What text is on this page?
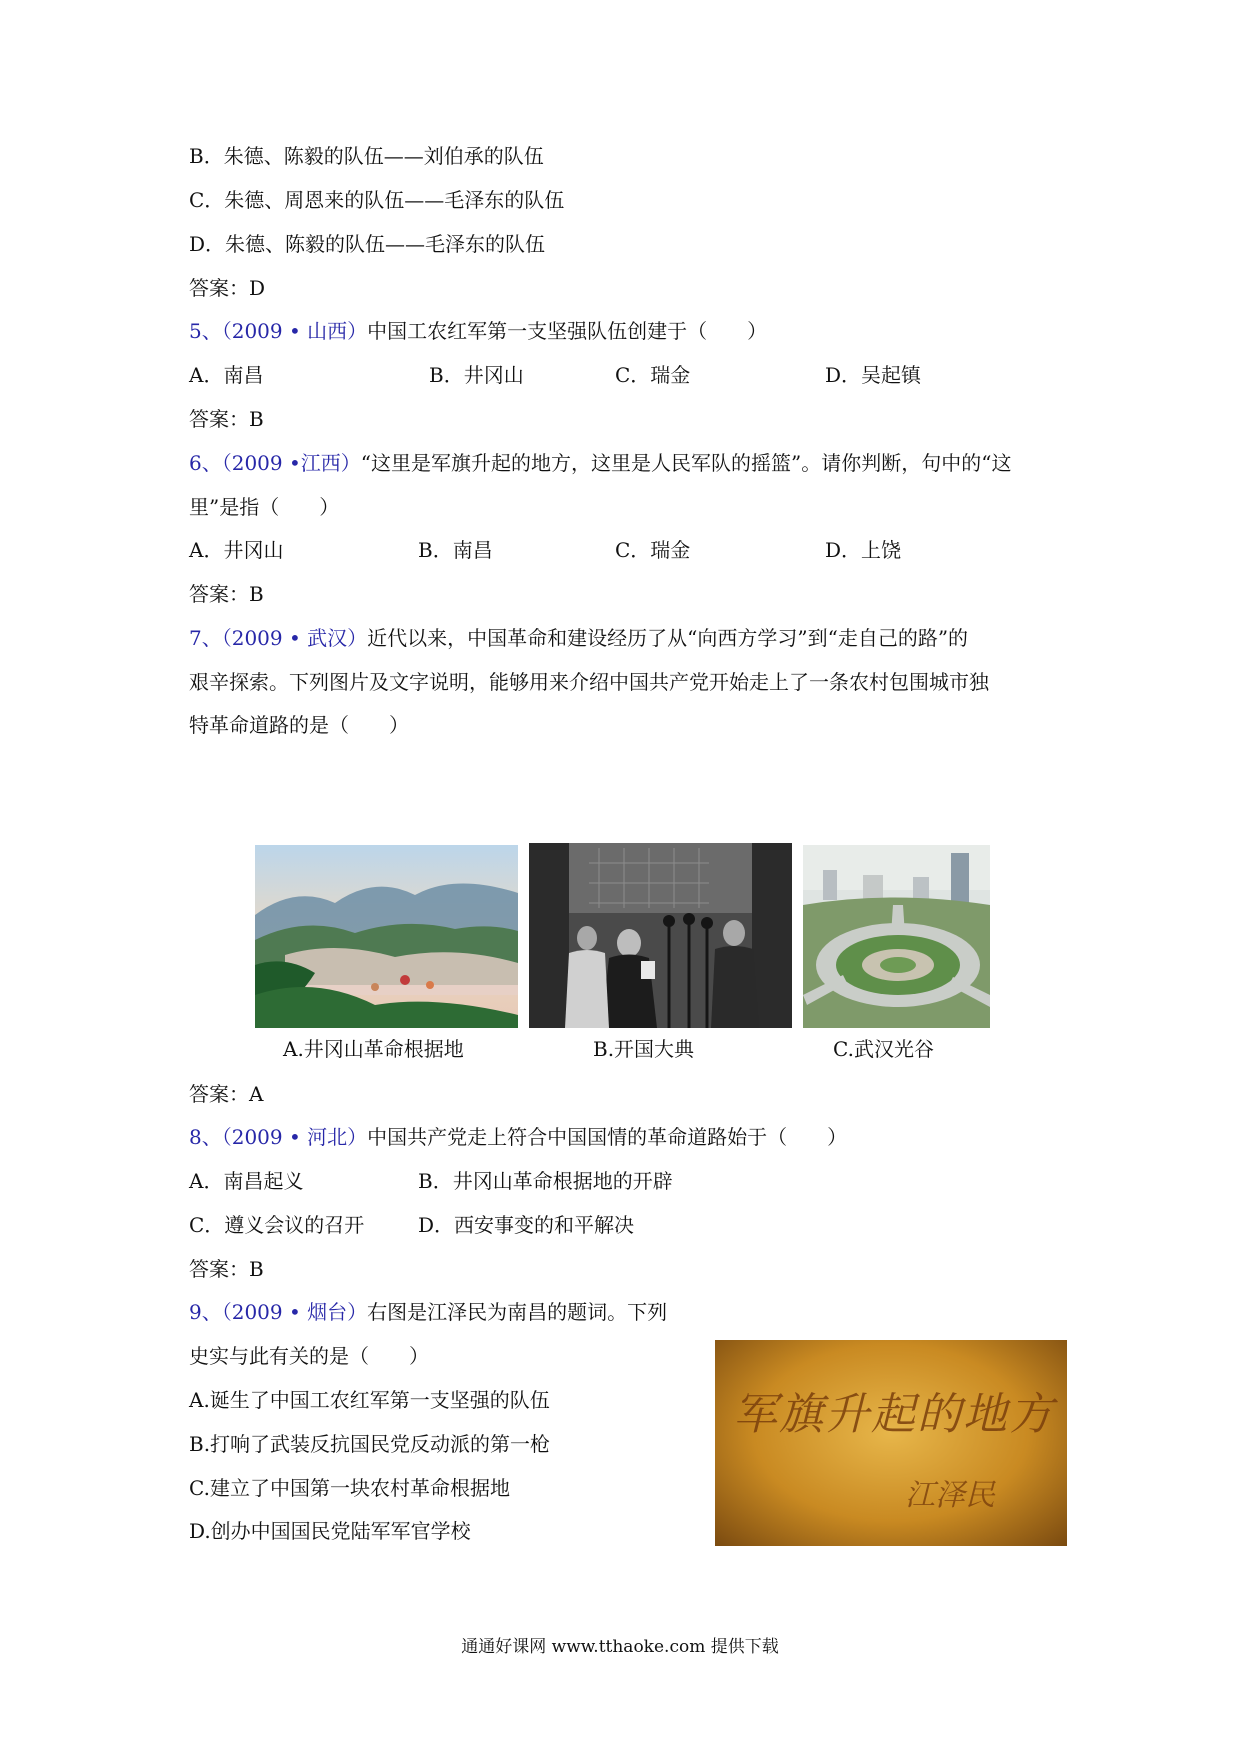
B．朱德、陈毅的队伍——刘伯承的队伍
C．朱德、周恩来的队伍——毛泽东的队伍
D．朱德、陈毅的队伍——毛泽东的队伍
答案：D
5、（2009 • 山西）中国工农红军第一支坚强队伍创建于（　　）
A．南昌	B．井冈山	C．瑞金	D．吴起镇
答案：B
6、（2009 •江西）“这里是军旗升起的地方，这里是人民军队的摇篮”。请你判断，句中的“这
里”是指（　　）
A．井冈山	B．南昌	C．瑞金	D．上饶
答案：B
7、（2009 • 武汉）近代以来，中国革命和建设经历了从“向西方学习”到“走自己的路”的
艰辛探索。下列图片及文字说明，能够用来介绍中国共产党开始走上了一条农村包围城市独
特革命道路的是（　　）
A.井冈山革命根据地	B.开国大典	C.武汉光谷
答案：A
8、（2009 • 河北）中国共产党走上符合中国国情的革命道路始于（　　）
A．南昌起义	B．井冈山革命根据地的开辟
C．遵义会议的召开	D．西安事变的和平解决
答案：B
9、（2009 • 烟台）右图是江泽民为南昌的题词。下列
史实与此有关的是（　　）
A.诞生了中国工农红军第一支坚强的队伍
B.打响了武装反抗国民党反动派的第一枪
C.建立了中国第一块农村革命根据地
D.创办中国国民党陆军军官学校
军旗升起的地方
江泽民
通通好课网 www.tthaoke.com 提供下载
